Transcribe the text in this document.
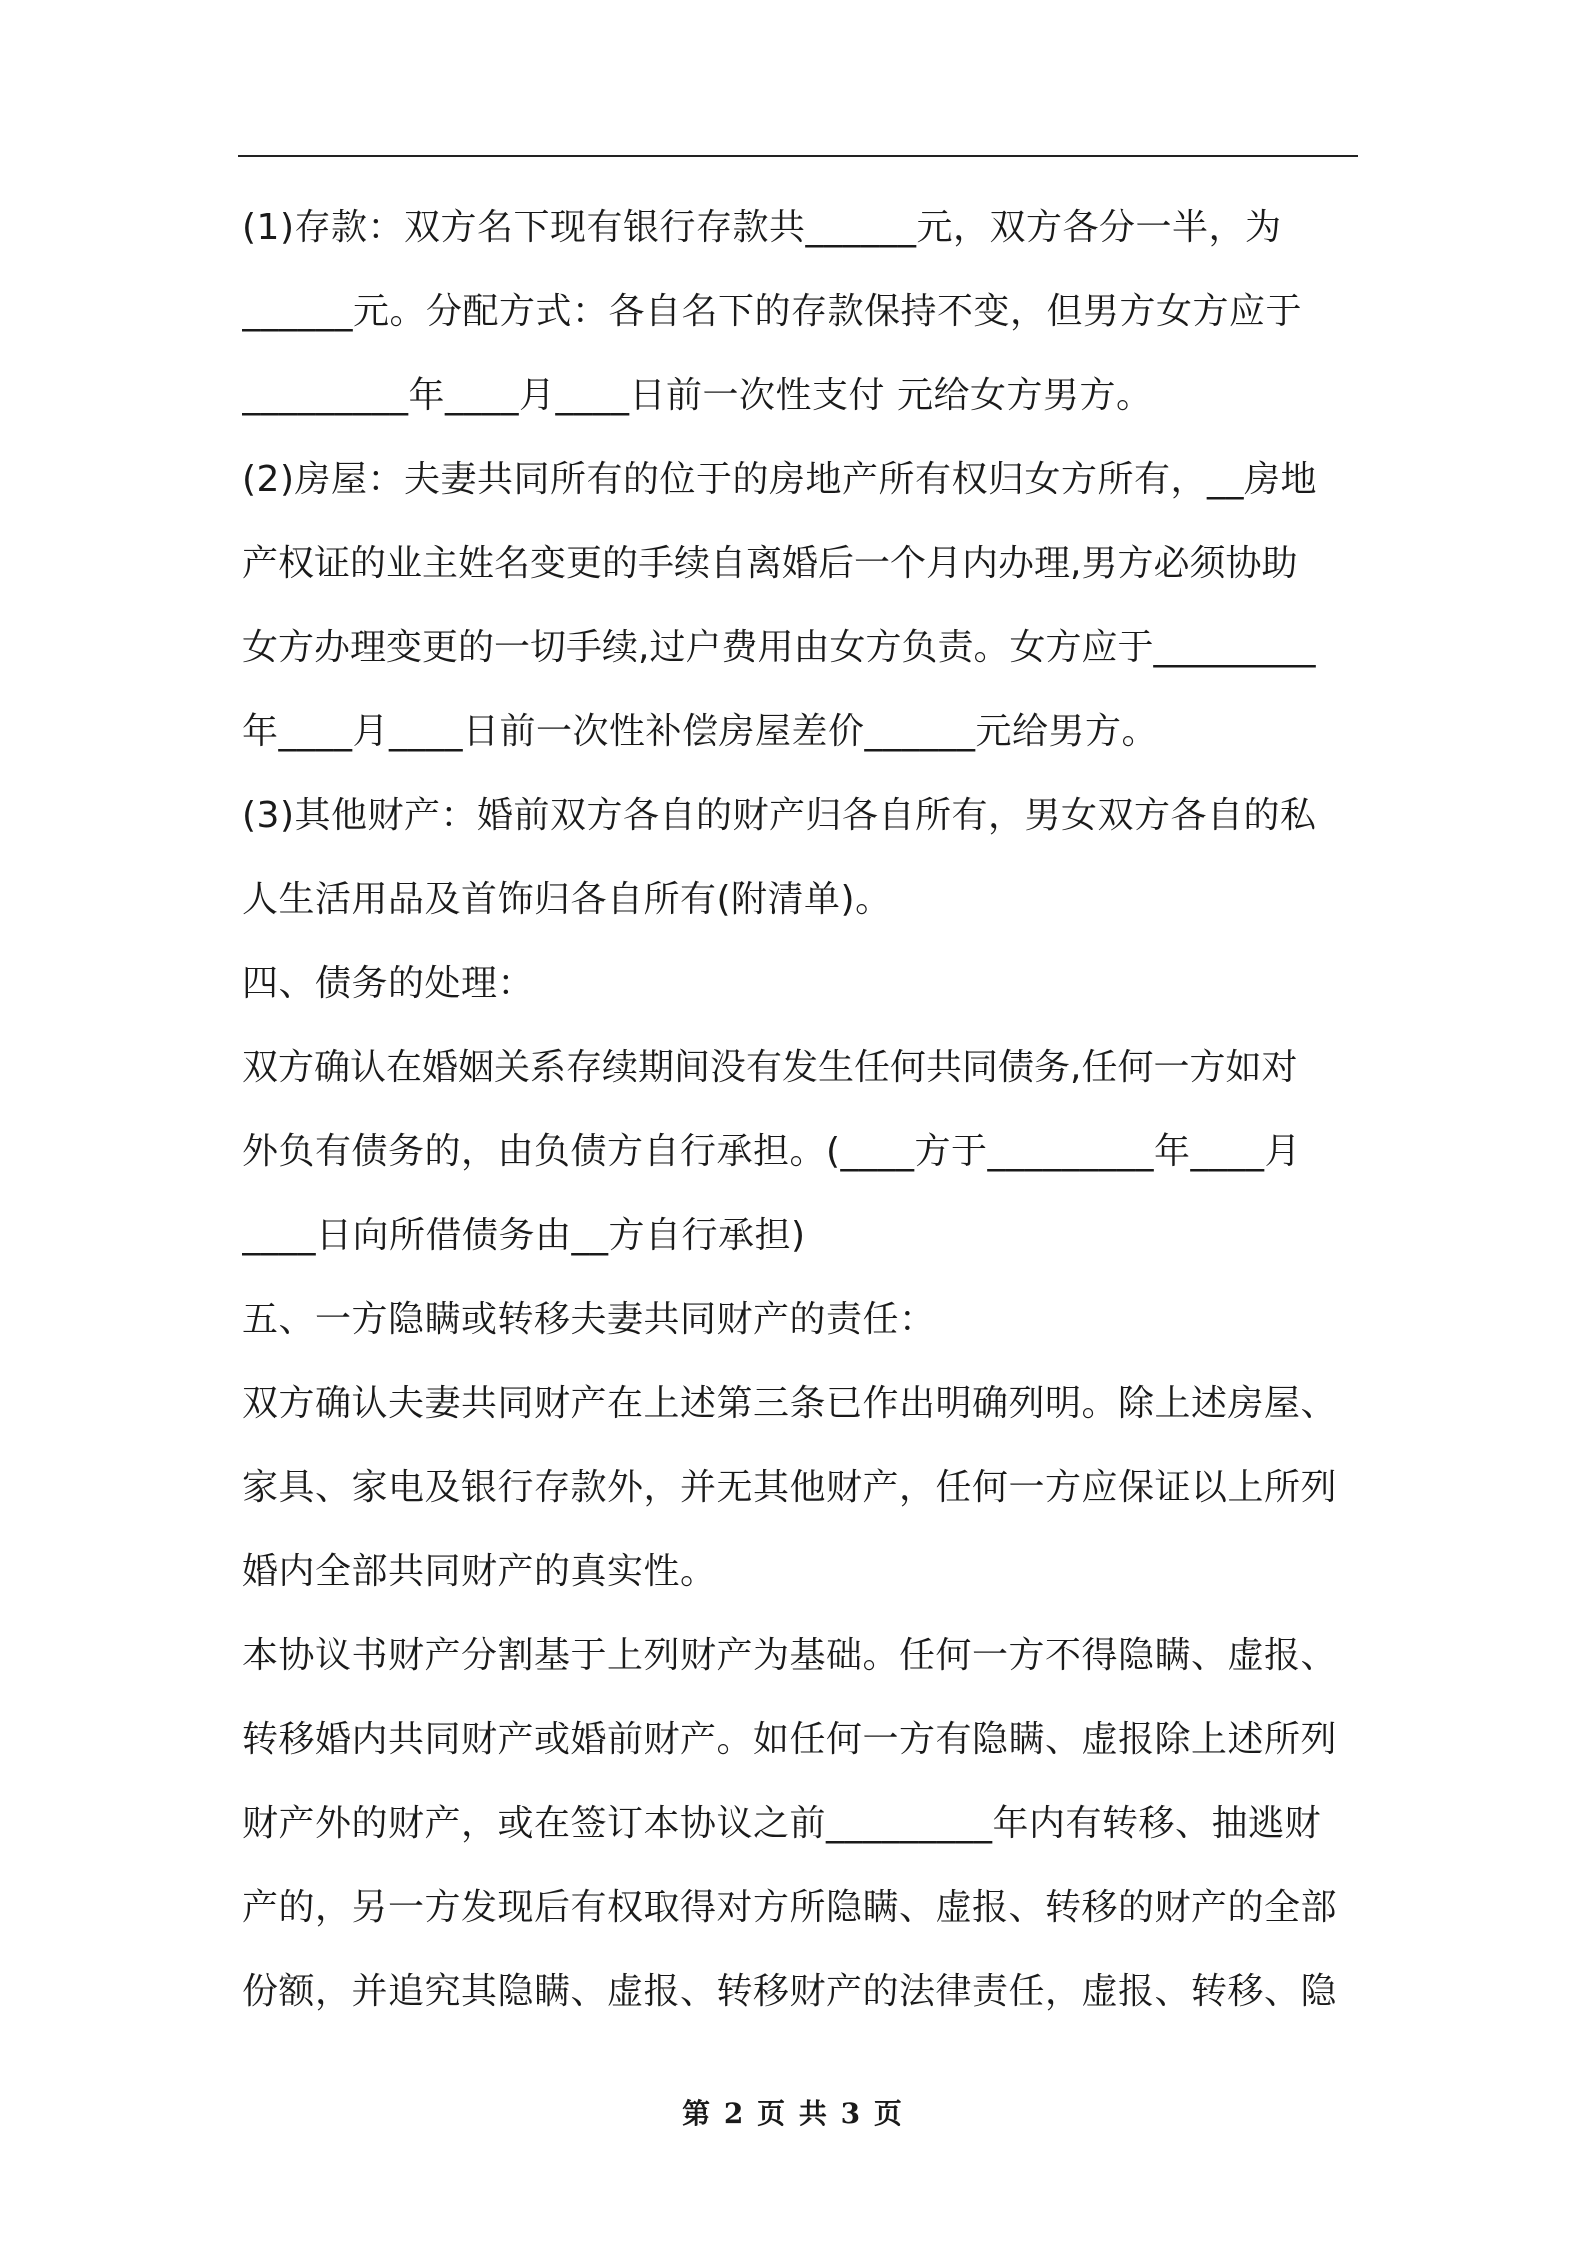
(1)存款：双方名下现有银行存款共______元，双方各分一半，为
______元。分配方式：各自名下的存款保持不变，但男方女方应于
_________年____月____日前一次性支付 元给女方男方。
(2)房屋：夫妻共同所有的位于的房地产所有权归女方所有，__房地
产权证的业主姓名变更的手续自离婚后一个月内办理,男方必须协助
女方办理变更的一切手续,过户费用由女方负责。女方应于_________
年____月____日前一次性补偿房屋差价______元给男方。
(3)其他财产：婚前双方各自的财产归各自所有，男女双方各自的私
人生活用品及首饰归各自所有(附清单)。
四、债务的处理：
双方确认在婚姻关系存续期间没有发生任何共同债务,任何一方如对
外负有债务的，由负债方自行承担。(____方于_________年____月
____日向所借债务由__方自行承担)
五、一方隐瞒或转移夫妻共同财产的责任：
双方确认夫妻共同财产在上述第三条已作出明确列明。除上述房屋、
家具、家电及银行存款外，并无其他财产，任何一方应保证以上所列
婚内全部共同财产的真实性。
本协议书财产分割基于上列财产为基础。任何一方不得隐瞒、虚报、
转移婚内共同财产或婚前财产。如任何一方有隐瞒、虚报除上述所列
财产外的财产，或在签订本协议之前_________年内有转移、抽逃财
产的，另一方发现后有权取得对方所隐瞒、虚报、转移的财产的全部
份额，并追究其隐瞒、虚报、转移财产的法律责任，虚报、转移、隐
第 2 页 共 3 页
